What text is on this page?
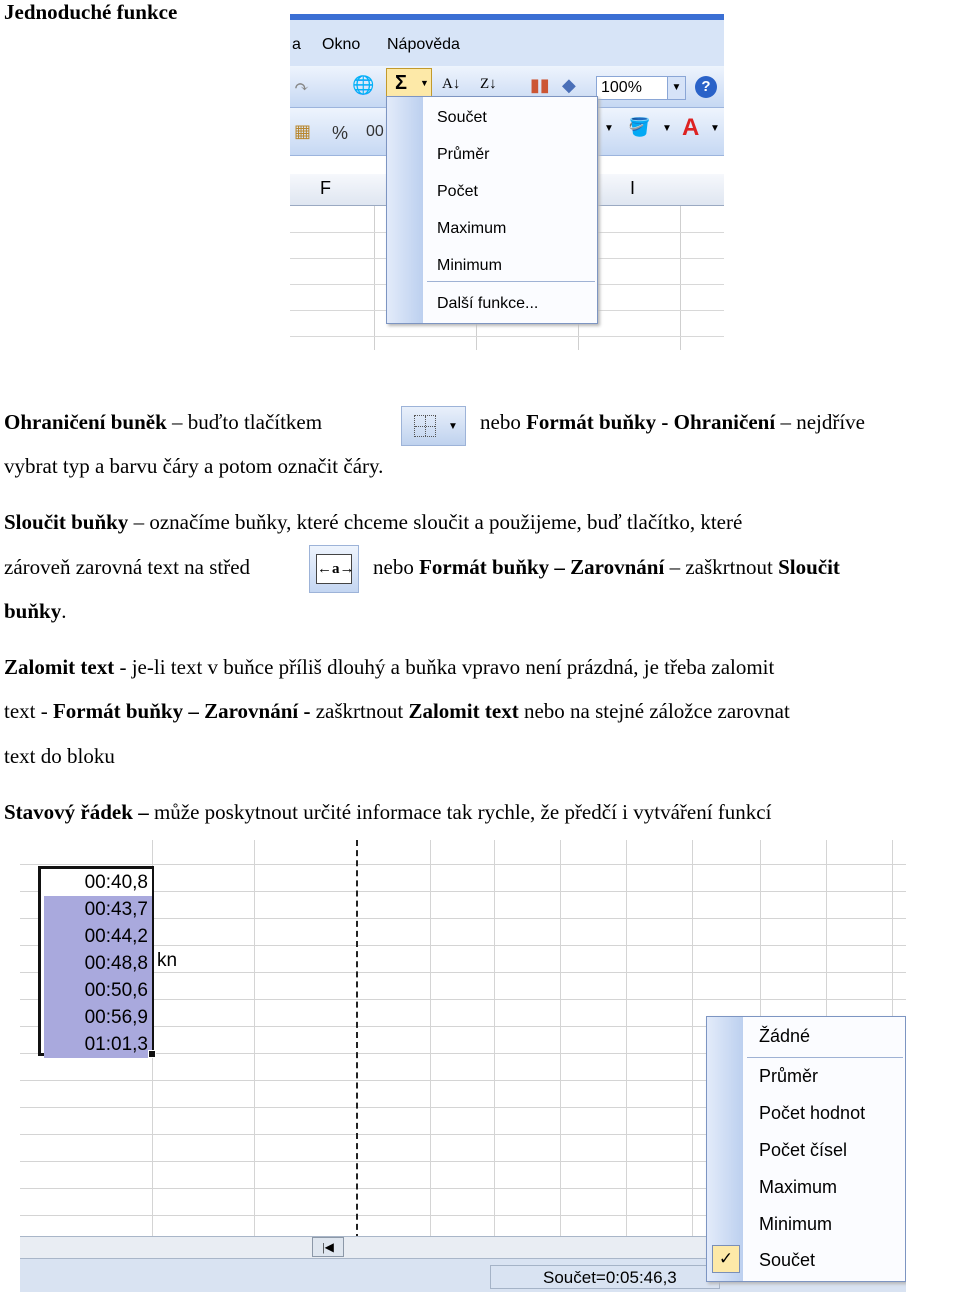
Jednoduché funkce
a Okno Nápověda
↷ 🌐	A↓ Z↓ ▮▮ ◆	100%	▼	?
▦ % 00	▼ 🪣 ▼ A ▼
Σ ▼
F	I
Součet
Průměr
Počet
Maximum
Minimum
Další funkce...
Ohraničení buněk – buďto tlačítkem	▼ nebo Formát buňky - Ohraničení – nejdříve
vybrat typ a barvu čáry a potom označit čáry.
Sloučit buňky – označíme buňky, které chceme sloučit a použijeme, buď tlačítko, které
zároveň zarovná text na střed	←a→ nebo Formát buňky – Zarovnání – zaškrtnout Sloučit
buňky.
Zalomit text - je-li text v buňce příliš dlouhý a buňka vpravo není prázdná, je třeba zalomit
text - Formát buňky – Zarovnání - zaškrtnout Zalomit text nebo na stejné záložce zarovnat
text do bloku
Stavový řádek – může poskytnout určité informace tak rychle, že předčí i vytváření funkcí
00:40,8
00:43,7
00:44,2
00:48,8
00:50,6
00:56,9
01:01,3
kn
|◀
Součet=0:05:46,3
Žádné
Průměr
Počet hodnot
Počet čísel
Maximum
Minimum
✓	Součet
